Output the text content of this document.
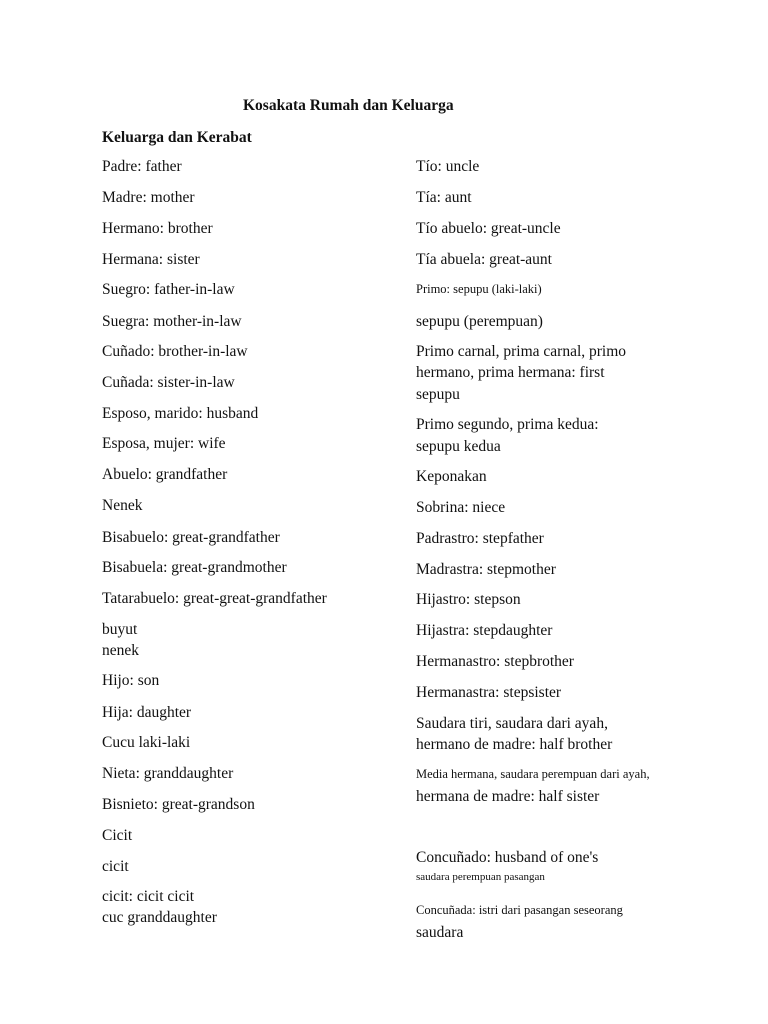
Kosakata Rumah dan Keluarga
Keluarga dan Kerabat
Padre: father
Madre: mother
Hermano: brother
Hermana: sister
Suegro: father-in-law
Suegra: mother-in-law
Cuñado: brother-in-law
Cuñada: sister-in-law
Esposo, marido: husband
Esposa, mujer: wife
Abuelo: grandfather
Nenek
Bisabuelo: great-grandfather
Bisabuela: great-grandmother
Tatarabuelo: great-great-grandfather
buyut
nenek
Hijo: son
Hija: daughter
Cucu laki-laki
Nieta: granddaughter
Bisnieto: great-grandson
Cicit
cicit
cicit: cicit cicit
cuc granddaughter
Tío: uncle
Tía: aunt
Tío abuelo: great-uncle
Tía abuela: great-aunt
Primo: sepupu (laki-laki)
sepupu (perempuan)
Primo carnal, prima carnal, primo
hermano, prima hermana: first
sepupu
Primo segundo, prima kedua:
sepupu kedua
Keponakan
Sobrina: niece
Padrastro: stepfather
Madrastra: stepmother
Hijastro: stepson
Hijastra: stepdaughter
Hermanastro: stepbrother
Hermanastra: stepsister
Saudara tiri, saudara dari ayah,
hermano de madre: half brother
Media hermana, saudara perempuan dari ayah,
hermana de madre: half sister
Concuñado: husband of one's
saudara perempuan pasangan
Concuñada: istri dari pasangan seseorang
saudara
